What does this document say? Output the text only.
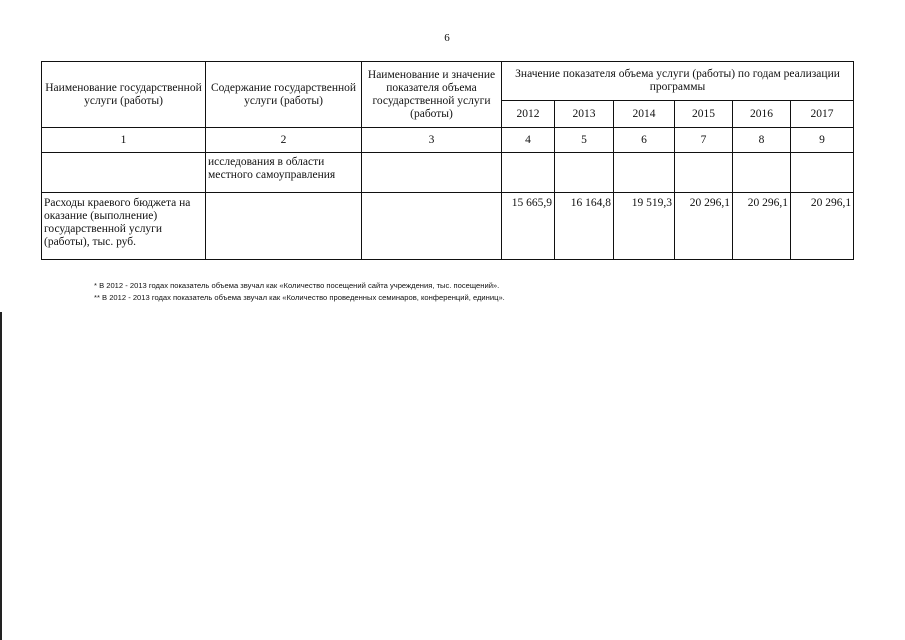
6
Наименование государственной услуги (работы)	Содержание государственной услуги (работы)	Наименование и значение показателя объема государственной услуги (работы)	Значение показателя объема услуги (работы) по годам реализации программы					
			2012	2013	2014	2015	2016	2017
1	2	3	4	5	6	7	8	9
	исследования в области местного самоуправления							
Расходы краевого бюджета на оказание (выполнение) государственной услуги (работы), тыс. руб.			15 665,9	16 164,8	19 519,3	20 296,1	20 296,1	20 296,1
* В 2012 - 2013 годах показатель объема звучал как «Количество посещений сайта учреждения, тыс. посещений».
** В 2012 - 2013 годах показатель объема звучал как «Количество проведенных семинаров, конференций, единиц».
